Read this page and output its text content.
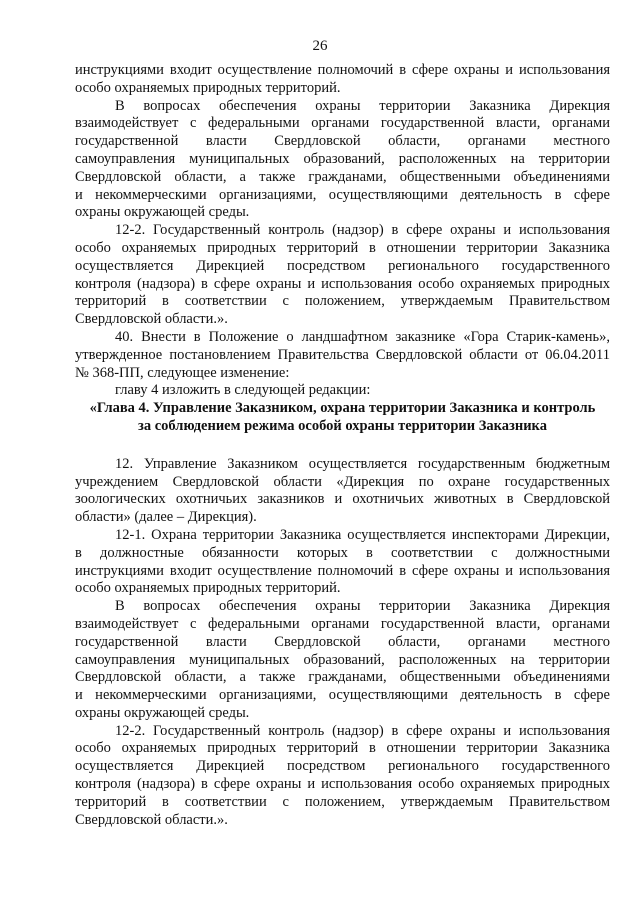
26
инструкциями входит осуществление полномочий в сфере охраны и использования
особо охраняемых природных территорий.
В вопросах обеспечения охраны территории Заказника Дирекция
взаимодействует с федеральными органами государственной власти, органами
государственной власти Свердловской области, органами местного
самоуправления муниципальных образований, расположенных на территории
Свердловской области, а также гражданами, общественными объединениями
и некоммерческими организациями, осуществляющими деятельность в сфере
охраны окружающей среды.
12-2. Государственный контроль (надзор) в сфере охраны и использования
особо охраняемых природных территорий в отношении территории Заказника
осуществляется Дирекцией посредством регионального государственного
контроля (надзора) в сфере охраны и использования особо охраняемых природных
территорий в соответствии с положением, утверждаемым Правительством
Свердловской области.».
40. Внести в Положение о ландшафтном заказнике «Гора Старик-камень»,
утвержденное постановлением Правительства Свердловской области от 06.04.2011
№ 368-ПП, следующее изменение:
главу 4 изложить в следующей редакции:
«Глава 4. Управление Заказником, охрана территории Заказника и контроль
за соблюдением режима особой охраны территории Заказника
12. Управление Заказником осуществляется государственным бюджетным
учреждением Свердловской области «Дирекция по охране государственных
зоологических охотничьих заказников и охотничьих животных в Свердловской
области» (далее – Дирекция).
12-1. Охрана территории Заказника осуществляется инспекторами Дирекции,
в должностные обязанности которых в соответствии с должностными
инструкциями входит осуществление полномочий в сфере охраны и использования
особо охраняемых природных территорий.
В вопросах обеспечения охраны территории Заказника Дирекция
взаимодействует с федеральными органами государственной власти, органами
государственной власти Свердловской области, органами местного
самоуправления муниципальных образований, расположенных на территории
Свердловской области, а также гражданами, общественными объединениями
и некоммерческими организациями, осуществляющими деятельность в сфере
охраны окружающей среды.
12-2. Государственный контроль (надзор) в сфере охраны и использования
особо охраняемых природных территорий в отношении территории Заказника
осуществляется Дирекцией посредством регионального государственного
контроля (надзора) в сфере охраны и использования особо охраняемых природных
территорий в соответствии с положением, утверждаемым Правительством
Свердловской области.».
